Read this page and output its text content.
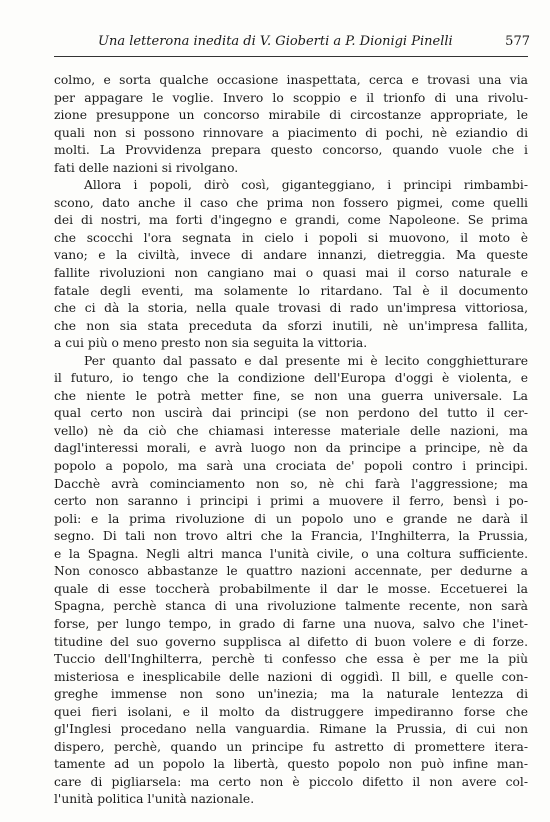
Una letterona inedita di V. Gioberti a P. Dionigi Pinelli	577
colmo, e sorta qualche occasione inaspettata, cerca e trovasi una via
per appagare le voglie. Invero lo scoppio e il trionfo di una rivolu-
zione presuppone un concorso mirabile di circostanze appropriate, le
quali non si possono rinnovare a piacimento di pochi, nè eziandio di
molti. La Provvidenza prepara questo concorso, quando vuole che i
fati delle nazioni si rivolgano.
Allora i popoli, dirò così, giganteggiano, i principi rimbambi-
scono, dato anche il caso che prima non fossero pigmei, come quelli
dei di nostri, ma forti d'ingegno e grandi, come Napoleone. Se prima
che scocchi l'ora segnata in cielo i popoli si muovono, il moto è
vano; e la civiltà, invece di andare innanzi, dietreggia. Ma queste
fallite rivoluzioni non cangiano mai o quasi mai il corso naturale e
fatale degli eventi, ma solamente lo ritardano. Tal è il documento
che ci dà la storia, nella quale trovasi di rado un'impresa vittoriosa,
che non sia stata preceduta da sforzi inutili, nè un'impresa fallita,
a cui più o meno presto non sia seguita la vittoria.
Per quanto dal passato e dal presente mi è lecito congghietturare
il futuro, io tengo che la condizione dell'Europa d'oggi è violenta, e
che niente le potrà metter fine, se non una guerra universale. La
qual certo non uscirà dai principi (se non perdono del tutto il cer-
vello) nè da ciò che chiamasi interesse materiale delle nazioni, ma
dagl'interessi morali, e avrà luogo non da principe a principe, nè da
popolo a popolo, ma sarà una crociata de' popoli contro i principi.
Dacchè avrà cominciamento non so, nè chi farà l'aggressione; ma
certo non saranno i principi i primi a muovere il ferro, bensì i po-
poli: e la prima rivoluzione di un popolo uno e grande ne darà il
segno. Di tali non trovo altri che la Francia, l'Inghilterra, la Prussia,
e la Spagna. Negli altri manca l'unità civile, o una coltura sufficiente.
Non conosco abbastanze le quattro nazioni accennate, per dedurne a
quale di esse toccherà probabilmente il dar le mosse. Eccetuerei la
Spagna, perchè stanca di una rivoluzione talmente recente, non sarà
forse, per lungo tempo, in grado di farne una nuova, salvo che l'inet-
titudine del suo governo supplisca al difetto di buon volere e di forze.
Tuccio dell'Inghilterra, perchè ti confesso che essa è per me la più
misteriosa e inesplicabile delle nazioni di oggidì. Il bill, e quelle con-
greghe immense non sono un'inezia; ma la naturale lentezza di
quei fieri isolani, e il molto da distruggere impediranno forse che
gl'Inglesi procedano nella vanguardia. Rimane la Prussia, di cui non
dispero, perchè, quando un principe fu astretto di promettere itera-
tamente ad un popolo la libertà, questo popolo non può infine man-
care di pigliarsela: ma certo non è piccolo difetto il non avere col-
l'unità politica l'unità nazionale.
